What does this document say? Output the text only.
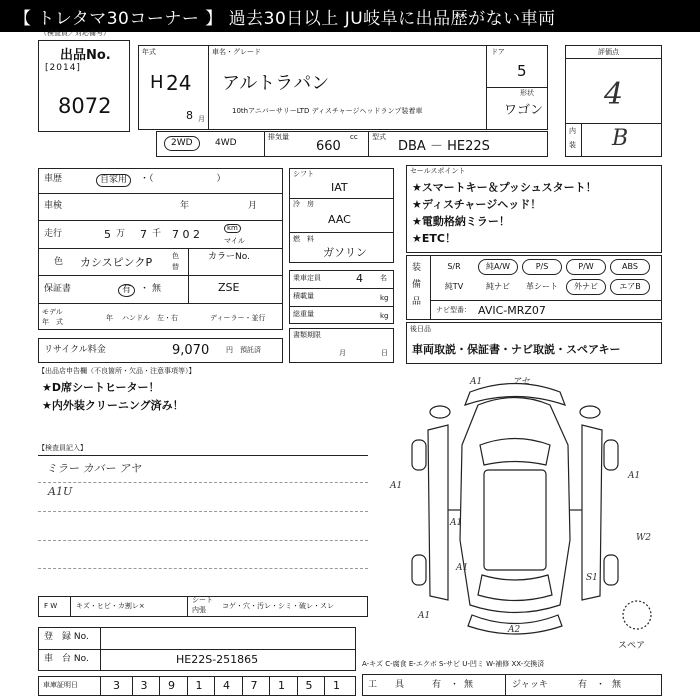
【 トレタマ30コーナー 】 過去30日以上 JU岐阜に出品歴がない車両
（検査員／対応備考）
出品No.
[2014]
8072
年式
H 24
8 月
車名・グレード
アルトラパン
10thアニバーサリーLTD ディスチャージヘッドランプ装着車
ドア
5
形状
ワゴン
評価点
4
内
装 B
2WD	4WD
排気量	cc
660
型式
DBA － HE22S
車歴	自家用	・（　　　　　　　）
車検	年	月
走行	5 万 7 千 7 0 2	km
マイル
色 カシスピンクP	色
替
カラーNo.
ZSE
保証書	有 ・ 無
モデル
年　式	年 ハンドル　左・右	ディーラー・並行
リサイクル料金	9,070 円　預託済
シフト
IAT
冷　房
AAC
燃　料
ガソリン
乗車定員	4 名
積載量	kg
総重量	kg
書類期限
月	日
セールスポイント
★スマートキー＆プッシュスタート！
★ディスチャージヘッド！
★電動格納ミラー！
★ETC！
装
備
品
S/R	純A/W	P/S	P/W	ABS
純TV	純ナビ	革シート	外ナビ	エアB
ナビ型番： AVIC-MRZ07
後日品
車両取説・保証書・ナビ取説・スペアキー
【出品店申告欄（不良箇所・欠品・注意事項等）】
★D席シートヒーター！
★内外装クリーニング済み！
【検査員記入】
ミラー カバー アヤ
A1U
F W	キズ・ヒビ・カ割レ×
シート
内張 コゲ・穴・汚レ・シミ・破レ・スレ
登　録 No.
車　台 No.	HE22S-251865
車庫証明日	3 3 9 1 4 7 1 5 1
A-キズ C-腐食 E-エクボ S-サビ U-凹ミ W-補修 XX-交換済
工　　具	有 ・ 無	ジャッキ	有 ・ 無
A1	アセ
A1
A1
A1
A1
A1
W2
S1
A2
スペア
